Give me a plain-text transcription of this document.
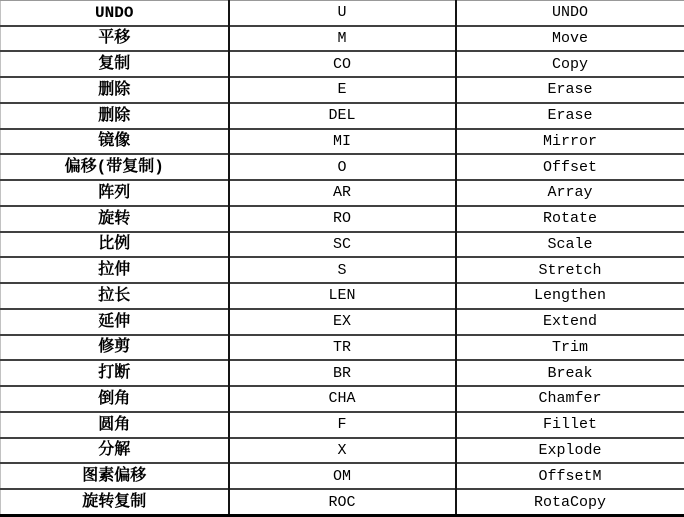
UNDO	U	UNDO
平移	M	Move
复制	CO	Copy
删除	E	Erase
删除	DEL	Erase
镜像	MI	Mirror
偏移(带复制)	O	Offset
阵列	AR	Array
旋转	RO	Rotate
比例	SC	Scale
拉伸	S	Stretch
拉长	LEN	Lengthen
延伸	EX	Extend
修剪	TR	Trim
打断	BR	Break
倒角	CHA	Chamfer
圆角	F	Fillet
分解	X	Explode
图素偏移	OM	OffsetM
旋转复制	ROC	RotaCopy
